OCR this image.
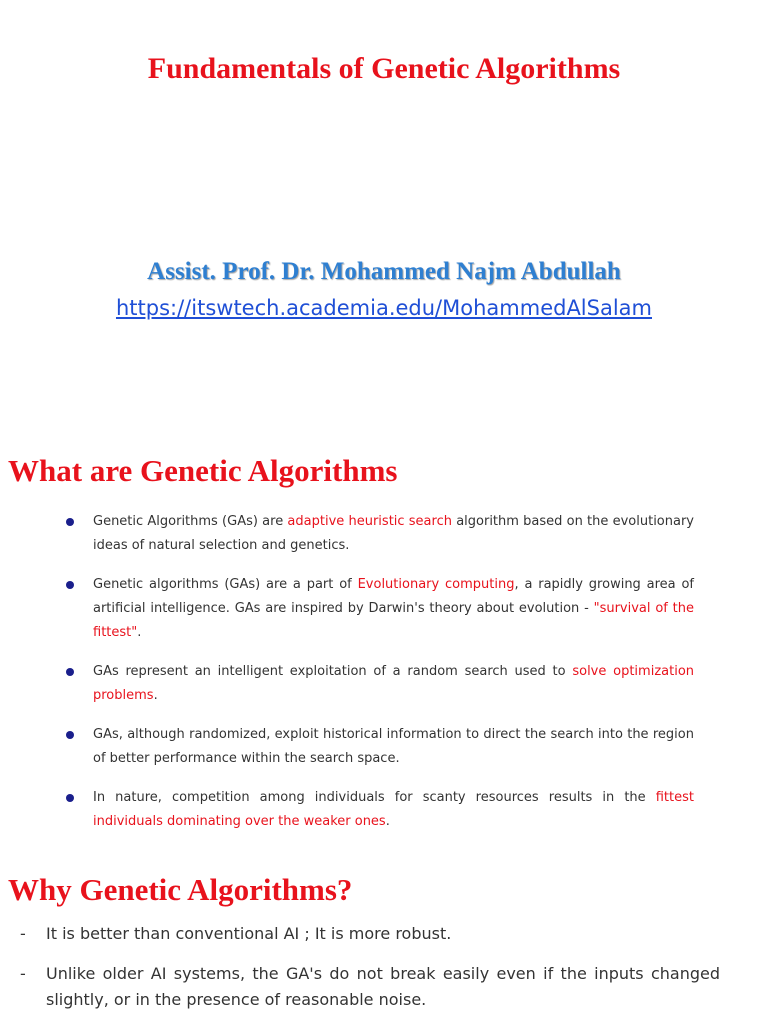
Fundamentals of Genetic Algorithms
Assist. Prof. Dr. Mohammed Najm Abdullah
https://itswtech.academia.edu/MohammedAlSalam
What are Genetic Algorithms
Genetic Algorithms (GAs) are adaptive heuristic search algorithm based on the evolutionary ideas of natural selection and genetics.
Genetic algorithms (GAs) are a part of Evolutionary computing, a rapidly growing area of artificial intelligence. GAs are inspired by Darwin's theory about evolution - "survival of the fittest".
GAs represent an intelligent exploitation of a random search used to solve optimization problems.
GAs, although randomized, exploit historical information to direct the search into the region of better performance within the search space.
In nature, competition among individuals for scanty resources results in the fittest individuals dominating over the weaker ones.
Why Genetic Algorithms?
- It is better than conventional AI ; It is more robust.
- Unlike older AI systems, the GA's do not break easily even if the inputs changed slightly, or in the presence of reasonable noise.
